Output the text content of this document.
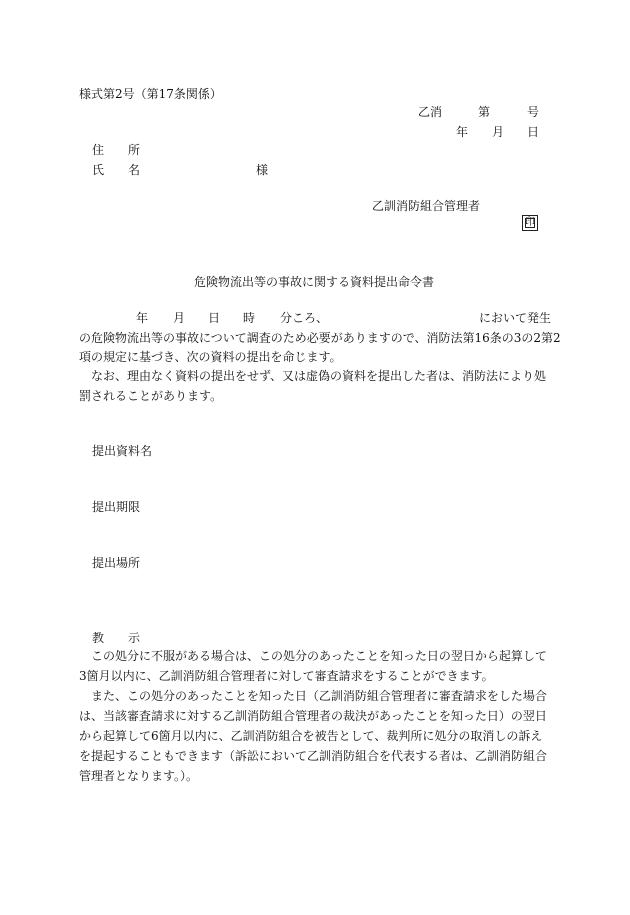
様式第2号（第17条関係）
乙消	第	号
年 月 日
住　　所
氏　　名	様
乙訓消防組合管理者
印
危険物流出等の事故に関する資料提出命令書
年 月 日 時 分ころ、	において発生
の危険物流出等の事故について調査のため必要がありますので、消防法第16条の3の2第2
項の規定に基づき、次の資料の提出を命じます。

　なお、理由なく資料の提出をせず、又は虚偽の資料を提出した者は、消防法により処罰されることがあります。

提出資料名
提出期限
提出場所
教　　示

　この処分に不服がある場合は、この処分のあったことを知った日の翌日から起算して3箇月以内に、乙訓消防組合管理者に対して審査請求をすることができます。

　また、この処分のあったことを知った日（乙訓消防組合管理者に審査請求をした場合は、当該審査請求に対する乙訓消防組合管理者の裁決があったことを知った日）の翌日から起算して6箇月以内に、乙訓消防組合を被告として、裁判所に処分の取消しの訴えを提起することもできます（訴訟において乙訓消防組合を代表する者は、乙訓消防組合管理者となります。）。
